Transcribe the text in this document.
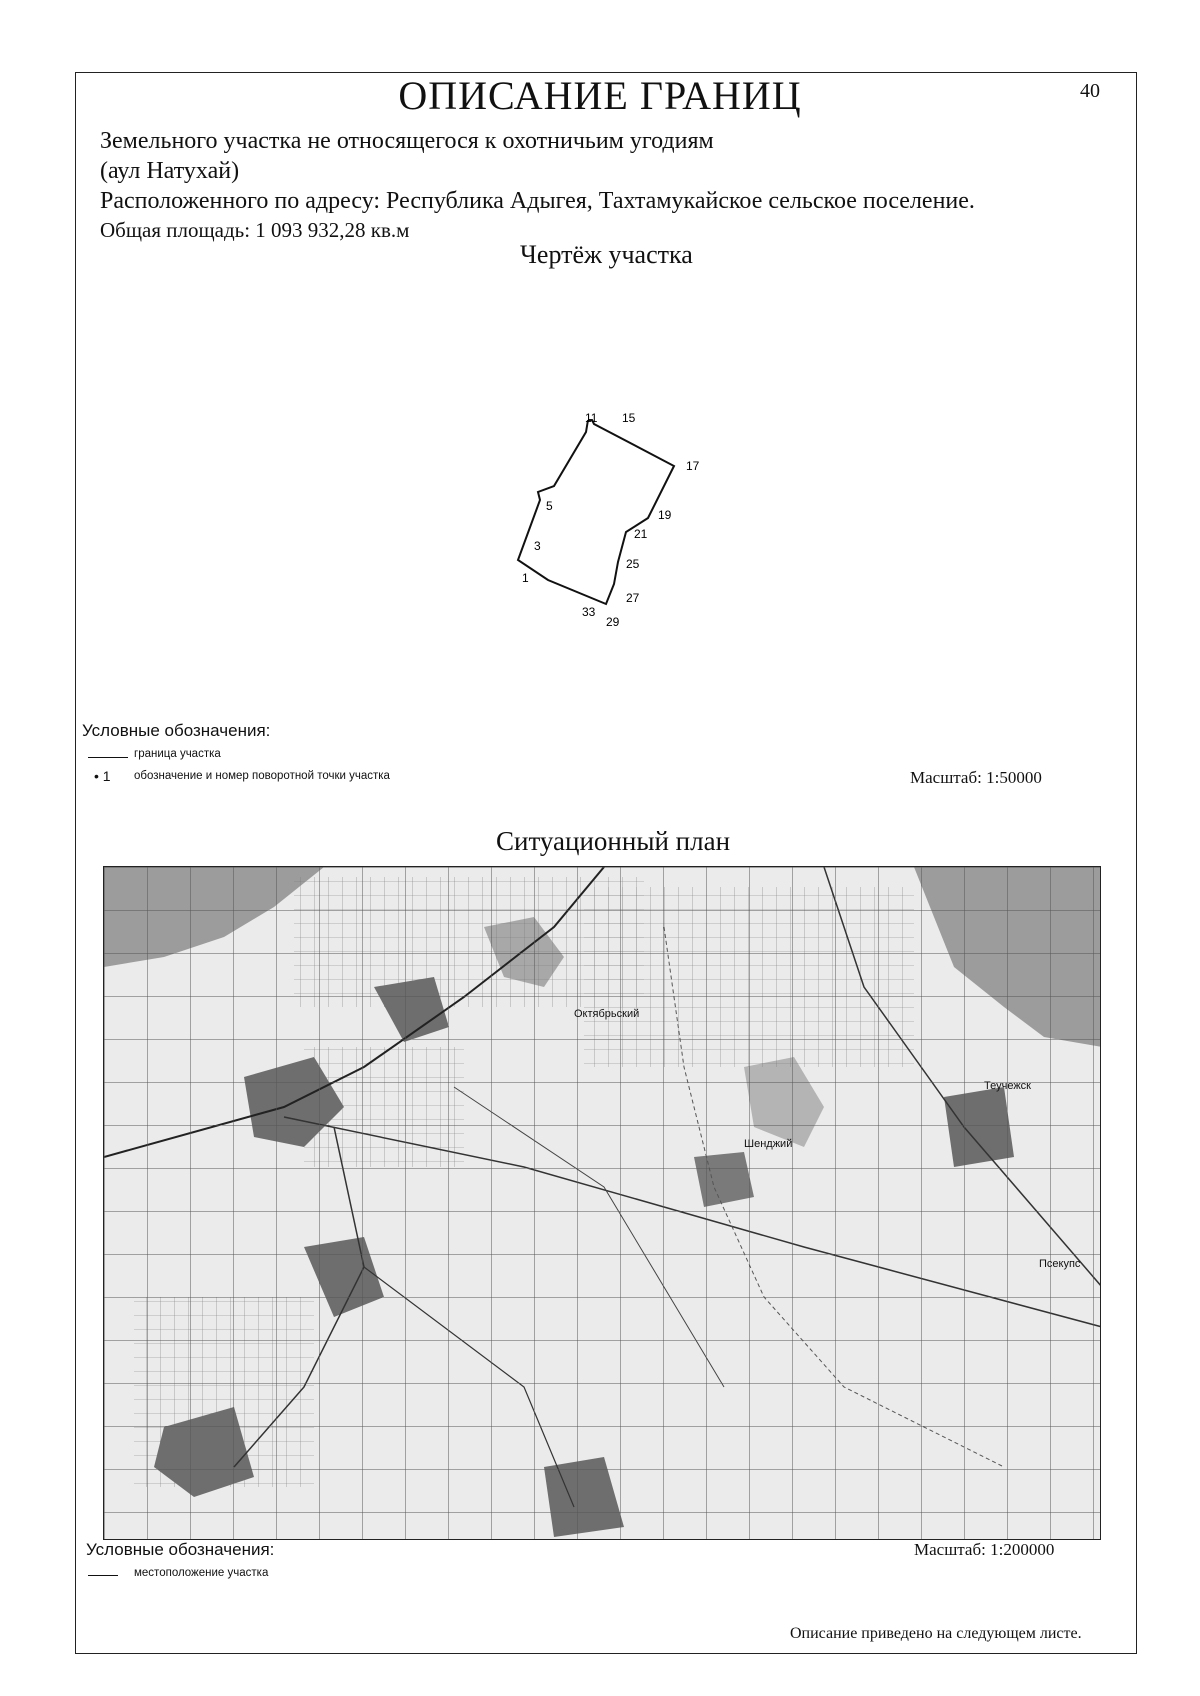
ОПИСАНИЕ ГРАНИЦ	40
Земельного участка не относящегося к охотничьим угодиям
(аул Натухай)
Расположенного по адресу: Республика Адыгея, Тахтамукайское сельское поселение.
Общая площадь: 1 093 932,28 кв.м
Чертёж участка
11 15
17
19
21
25
27
29
33
1
3
5
Условные обозначения:
граница участка
• 1 обозначение и номер поворотной точки участка	Масштаб: 1:50000
Ситуационный план
Октябрьский
Шенджий
Теучежск
Псекупс
Условные обозначения:	Масштаб: 1:200000
местоположение участка
Описание приведено на следующем листе.
